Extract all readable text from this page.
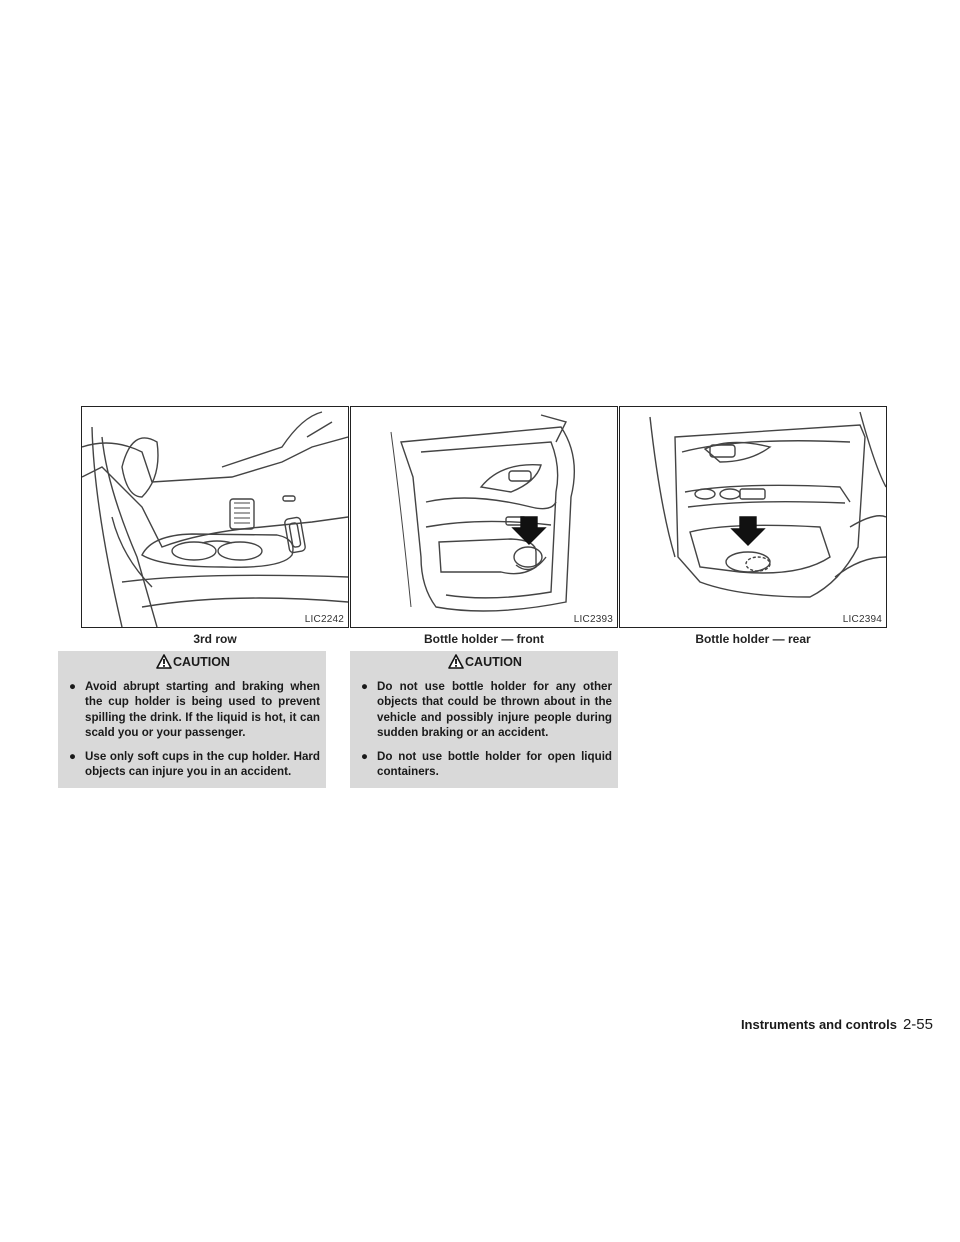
LIC2242
3rd row
LIC2393
Bottle holder — front
LIC2394
Bottle holder — rear
CAUTION
● Avoid abrupt starting and braking when the cup holder is being used to prevent spilling the drink. If the liquid is hot, it can scald you or your passenger.
● Use only soft cups in the cup holder. Hard objects can injure you in an accident.
CAUTION
● Do not use bottle holder for any other objects that could be thrown about in the vehicle and possibly injure people during sudden braking or an accident.
● Do not use bottle holder for open liquid containers.
Instruments and controls 2-55
